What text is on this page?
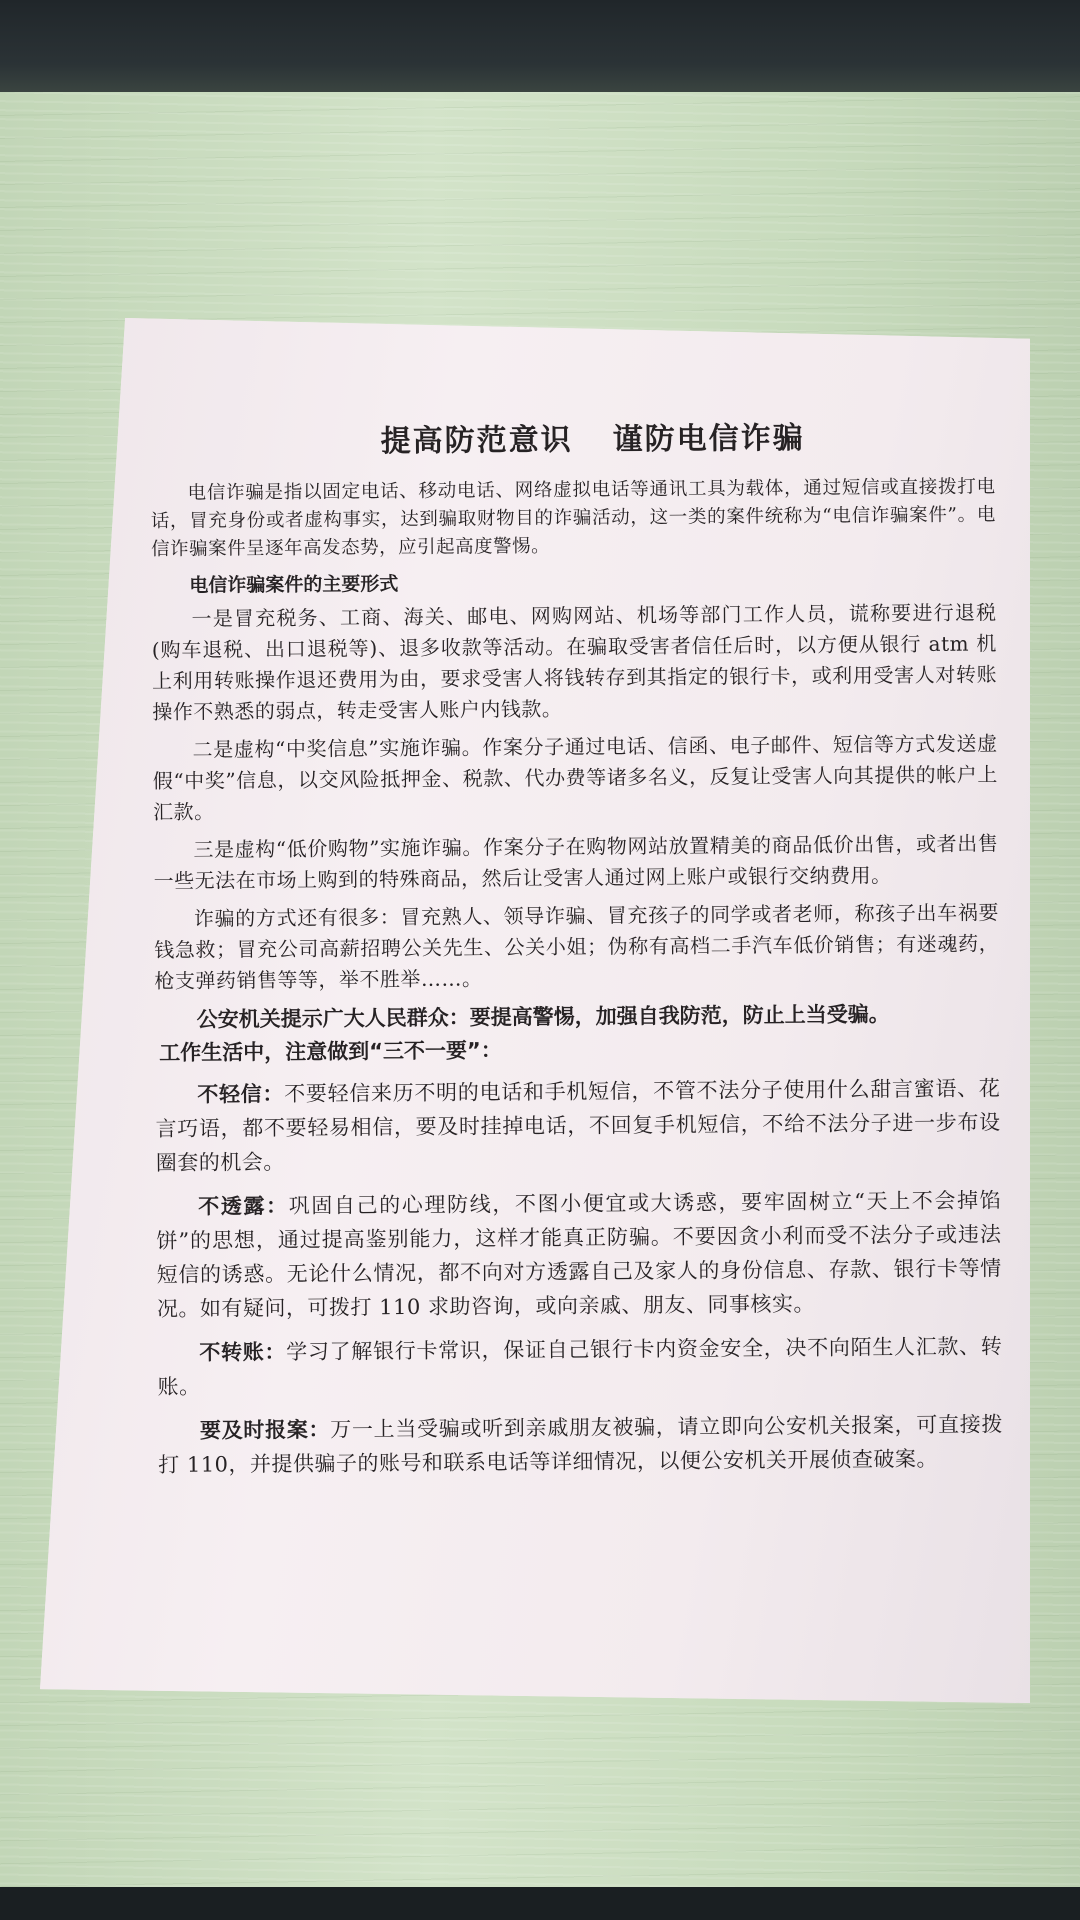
提高防范意识 谨防电信诈骗

电信诈骗是指以固定电话、移动电话、网络虚拟电话等通讯工具为载体，通过短信或直接拨打电话，冒充身份或者虚构事实，达到骗取财物目的诈骗活动，这一类的案件统称为“电信诈骗案件”。电信诈骗案件呈逐年高发态势，应引起高度警惕。

电信诈骗案件的主要形式

一是冒充税务、工商、海关、邮电、网购网站、机场等部门工作人员，谎称要进行退税(购车退税、出口退税等)、退多收款等活动。在骗取受害者信任后时，以方便从银行 atm 机上利用转账操作退还费用为由，要求受害人将钱转存到其指定的银行卡，或利用受害人对转账操作不熟悉的弱点，转走受害人账户内钱款。

二是虚构“中奖信息”实施诈骗。作案分子通过电话、信函、电子邮件、短信等方式发送虚假“中奖”信息，以交风险抵押金、税款、代办费等诸多名义，反复让受害人向其提供的帐户上汇款。

三是虚构“低价购物”实施诈骗。作案分子在购物网站放置精美的商品低价出售，或者出售一些无法在市场上购到的特殊商品，然后让受害人通过网上账户或银行交纳费用。

诈骗的方式还有很多：冒充熟人、领导诈骗、冒充孩子的同学或者老师，称孩子出车祸要钱急救；冒充公司高薪招聘公关先生、公关小姐；伪称有高档二手汽车低价销售；有迷魂药，枪支弹药销售等等，举不胜举……。

公安机关提示广大人民群众：要提高警惕，加强自我防范，防止上当受骗。
工作生活中，注意做到“三不一要”：

不轻信：不要轻信来历不明的电话和手机短信，不管不法分子使用什么甜言蜜语、花言巧语，都不要轻易相信，要及时挂掉电话，不回复手机短信，不给不法分子进一步布设圈套的机会。

不透露：巩固自己的心理防线，不图小便宜或大诱惑，要牢固树立“天上不会掉馅饼”的思想，通过提高鉴别能力，这样才能真正防骗。不要因贪小利而受不法分子或违法短信的诱惑。无论什么情况，都不向对方透露自己及家人的身份信息、存款、银行卡等情况。如有疑问，可拨打 110 求助咨询，或向亲戚、朋友、同事核实。

不转账：学习了解银行卡常识，保证自己银行卡内资金安全，决不向陌生人汇款、转账。

要及时报案：万一上当受骗或听到亲戚朋友被骗，请立即向公安机关报案，可直接拨打 110，并提供骗子的账号和联系电话等详细情况，以便公安机关开展侦查破案。
